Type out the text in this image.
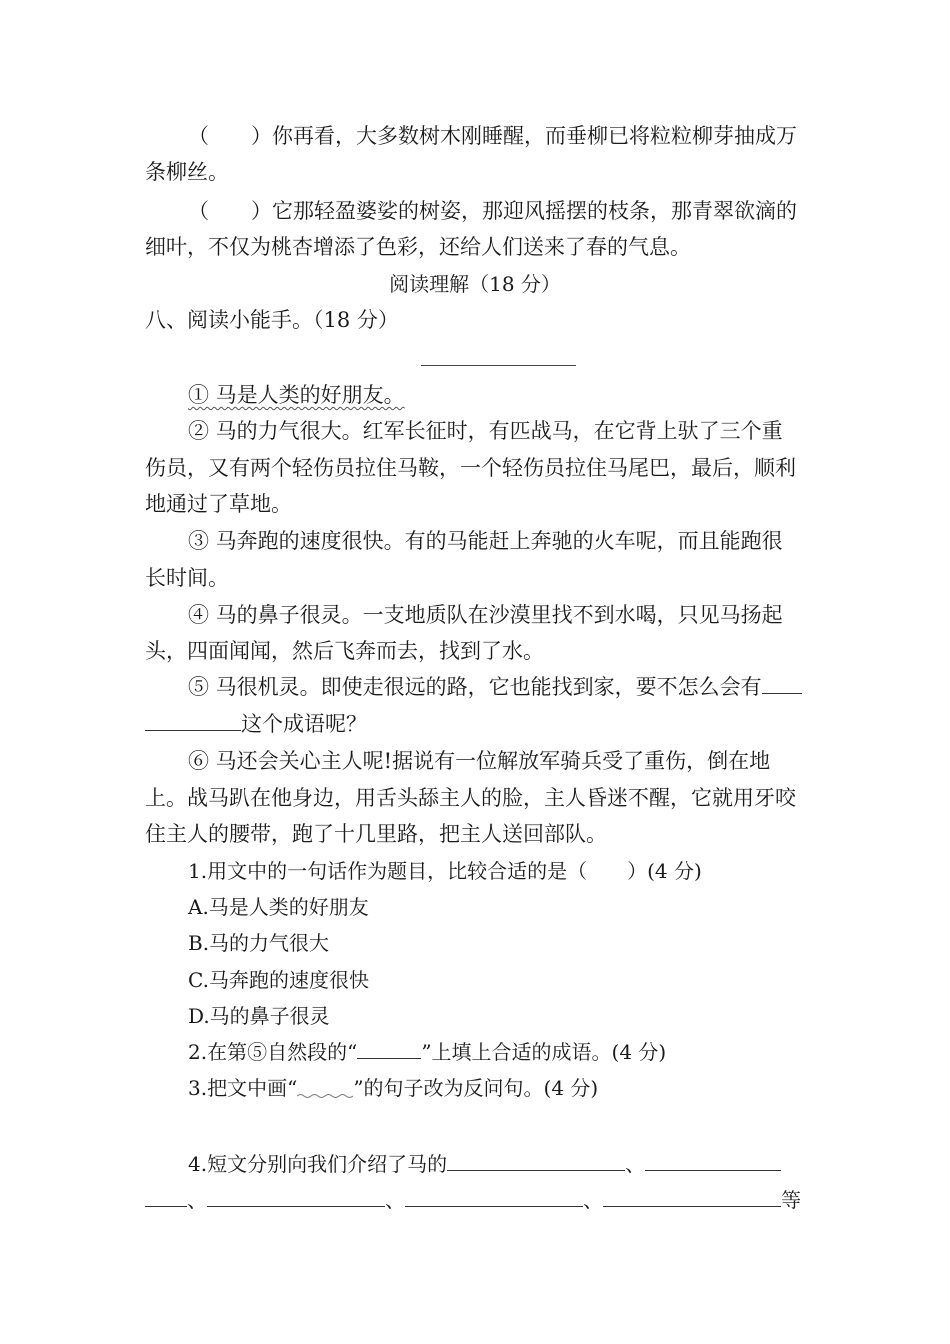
（　　）你再看，大多数树木刚睡醒，而垂柳已将粒粒柳芽抽成万
条柳丝。
（　　）它那轻盈婆娑的树姿，那迎风摇摆的枝条，那青翠欲滴的
细叶，不仅为桃杏增添了色彩，还给人们送来了春的气息。
阅读理解（18 分）
八、阅读小能手。（18 分）
① 马是人类的好朋友。
② 马的力气很大。红军长征时，有匹战马，在它背上驮了三个重
伤员，又有两个轻伤员拉住马鞍，一个轻伤员拉住马尾巴，最后，顺利
地通过了草地。
③ 马奔跑的速度很快。有的马能赶上奔驰的火车呢，而且能跑很
长时间。
④ 马的鼻子很灵。一支地质队在沙漠里找不到水喝，只见马扬起
头，四面闻闻，然后飞奔而去，找到了水。
⑤ 马很机灵。即使走很远的路，它也能找到家，要不怎么会有
这个成语呢？
⑥ 马还会关心主人呢!据说有一位解放军骑兵受了重伤，倒在地
上。战马趴在他身边，用舌头舔主人的脸，主人昏迷不醒，它就用牙咬
住主人的腰带，跑了十几里路，把主人送回部队。
1.用文中的一句话作为题目，比较合适的是（　　）(4 分)
A.马是人类的好朋友
B.马的力气很大
C.马奔跑的速度很快
D.马的鼻子很灵
2.在第⑤自然段的“	”上填上合适的成语。(4 分)
3.把文中画“	”的句子改为反问句。(4 分)
4.短文分别向我们介绍了马的	、
、	、	、	等
